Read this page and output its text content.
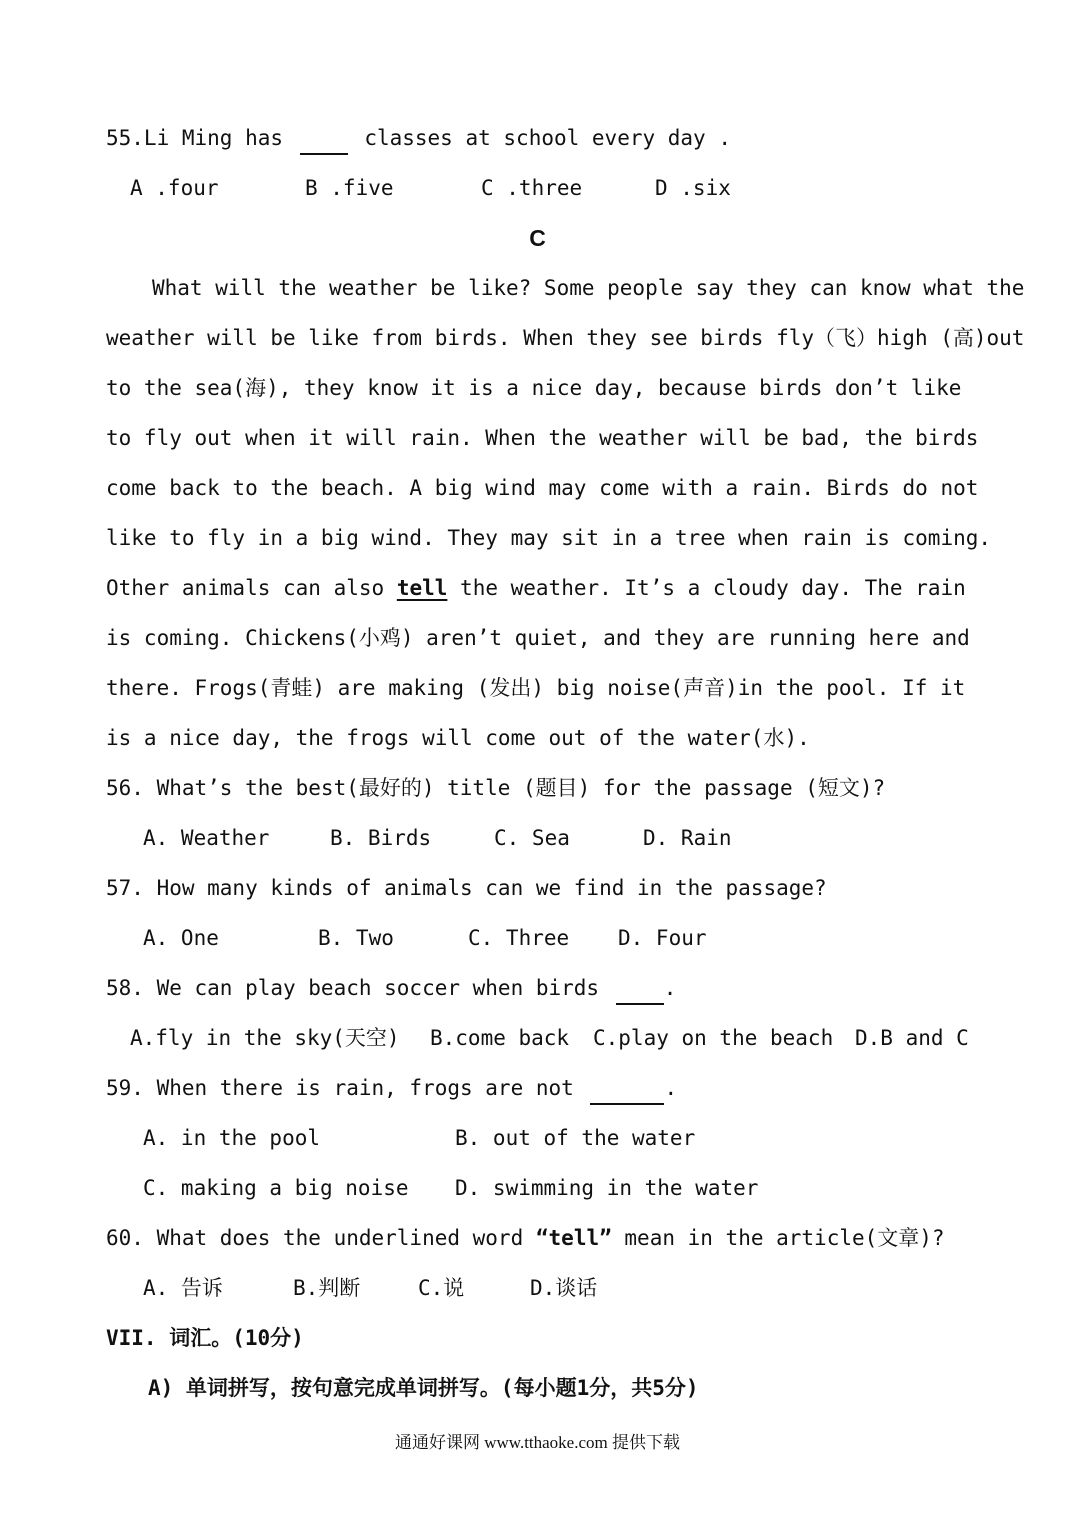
55.Li Ming has	classes at school every day .
A .four	B .five	C .three	D .six
C
What will the weather be like? Some people say they can know what the
weather will be like from birds. When they see birds fly（飞）high (高)out
to the sea(海), they know it is a nice day, because birds don’t like
to fly out when it will rain. When the weather will be bad, the birds
come back to the beach. A big wind may come with a rain. Birds do not
like to fly in a big wind. They may sit in a tree when rain is coming.
Other animals can also tell the weather. It’s a cloudy day. The rain
is coming. Chickens(小鸡) aren’t quiet, and they are running here and
there. Frogs(青蛙) are making (发出) big noise(声音)in the pool. If it
is a nice day, the frogs will come out of the water(水).
56. What’s the best(最好的) title (题目) for the passage (短文)?
A. Weather	B. Birds	C. Sea	D. Rain
57. How many kinds of animals can we find in the passage?
A. One	B. Two	C. Three D. Four
58. We can play beach soccer when birds	.
A.fly in the sky(天空) B.come back C.play on the beach D.B and C
59. When there is rain, frogs are not	.
A. in the pool	B. out of the water
C. making a big noise D. swimming in the water
60. What does the underlined word “tell” mean in the article(文章)?
A. 告诉	B.判断	C.说	D.谈话
VII. 词汇。(10分)
A) 单词拼写，按句意完成单词拼写。(每小题1分，共5分)
通通好课网 www.tthaoke.com 提供下载
